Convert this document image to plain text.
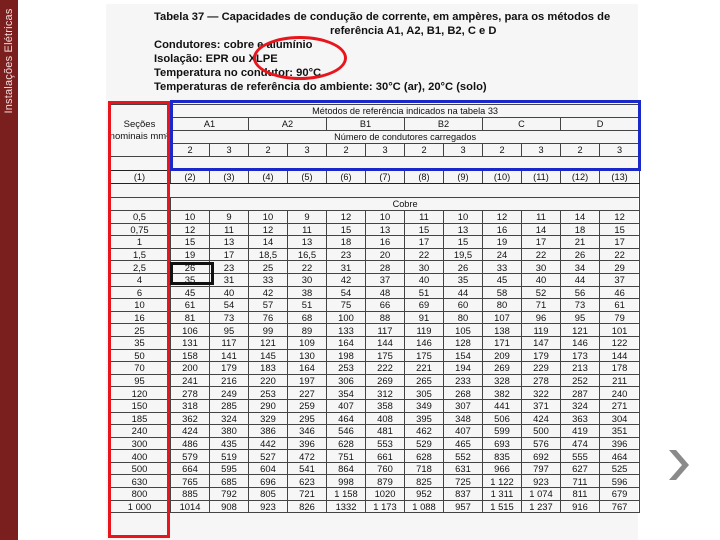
Instalações Elétricas	Tabela 37 — Capacidades de condução de corrente, em ampères, para os métodos de
referência A1, A2, B1, B2, C e D
Condutores: cobre e alumínio
Isolação: EPR ou XLPE
Temperatura no condutor: 90°C
Temperaturas de referência do ambiente: 30°C (ar), 20°C (solo)
Seções nominais mm²	Métodos de referência indicados na tabela 33											
	A1		A2		B1		B2		C		D	
	Número de condutores carregados											
	2	3	2	3	2	3	2	3	2	3	2	3

(1)	(2)	(3)	(4)	(5)	(6)	(7)	(8)	(9)	(10)	(11)	(12)	(13)

	Cobre											
0,5	10	9	10	9	12	10	11	10	12	11	14	12
0,75	12	11	12	11	15	13	15	13	16	14	18	15
1	15	13	14	13	18	16	17	15	19	17	21	17
1,5	19	17	18,5	16,5	23	20	22	19,5	24	22	26	22
2,5	26	23	25	22	31	28	30	26	33	30	34	29
4	35	31	33	30	42	37	40	35	45	40	44	37
6	45	40	42	38	54	48	51	44	58	52	56	46
10	61	54	57	51	75	66	69	60	80	71	73	61
16	81	73	76	68	100	88	91	80	107	96	95	79
25	106	95	99	89	133	117	119	105	138	119	121	101
35	131	117	121	109	164	144	146	128	171	147	146	122
50	158	141	145	130	198	175	175	154	209	179	173	144
70	200	179	183	164	253	222	221	194	269	229	213	178
95	241	216	220	197	306	269	265	233	328	278	252	211
120	278	249	253	227	354	312	305	268	382	322	287	240
150	318	285	290	259	407	358	349	307	441	371	324	271
185	362	324	329	295	464	408	395	348	506	424	363	304
240	424	380	386	346	546	481	462	407	599	500	419	351
300	486	435	442	396	628	553	529	465	693	576	474	396
400	579	519	527	472	751	661	628	552	835	692	555	464
500	664	595	604	541	864	760	718	631	966	797	627	525
630	765	685	696	623	998	879	825	725	1 122	923	711	596
800	885	792	805	721	1 158	1020	952	837	1 311	1 074	811	679
1 000	1014	908	923	826	1332	1 173	1 088	957	1 515	1 237	916	767
